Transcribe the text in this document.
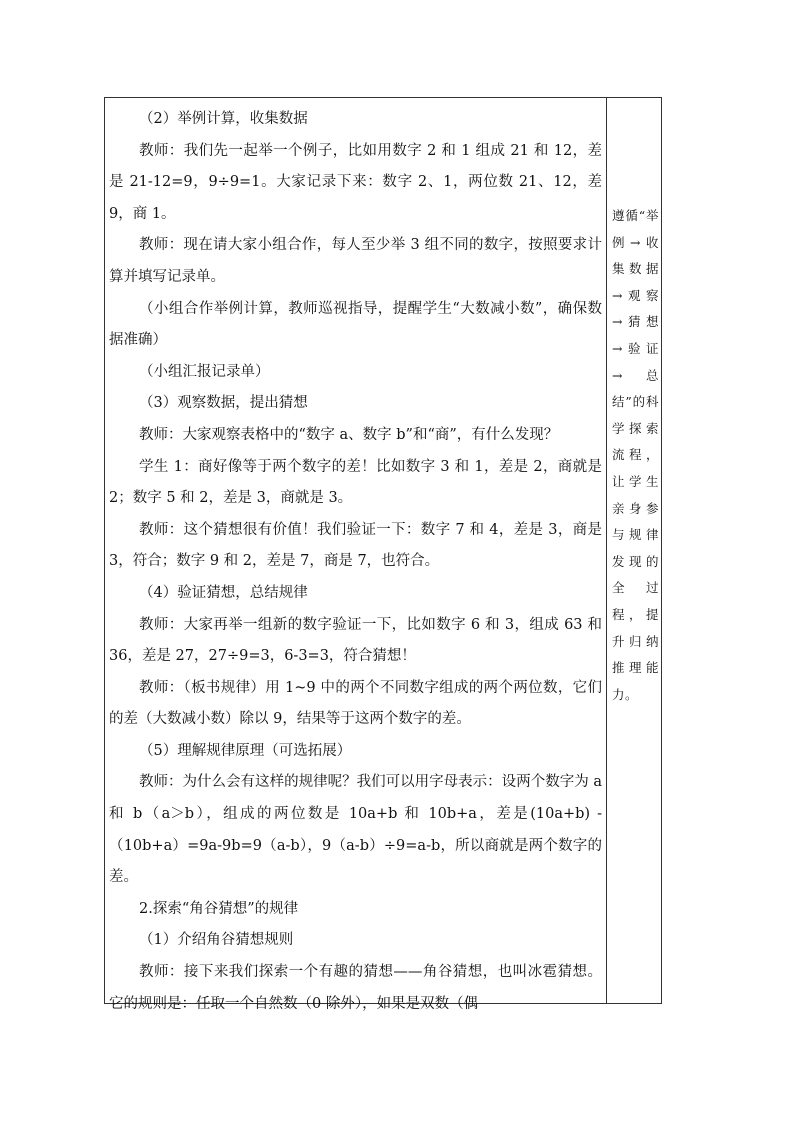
（2）举例计算，收集数据

教师：我们先一起举一个例子，比如用数字 2 和 1 组成 21 和 12，差是 21-12=9，9÷9=1。大家记录下来：数字 2、1，两位数 21、12，差 9，商 1。

教师：现在请大家小组合作，每人至少举 3 组不同的数字，按照要求计算并填写记录单。

（小组合作举例计算，教师巡视指导，提醒学生“大数减小数”，确保数据准确）

（小组汇报记录单）

（3）观察数据，提出猜想

教师：大家观察表格中的“数字 a、数字 b”和“商”，有什么发现？

学生 1：商好像等于两个数字的差！比如数字 3 和 1，差是 2，商就是 2；数字 5 和 2，差是 3，商就是 3。

教师：这个猜想很有价值！我们验证一下：数字 7 和 4，差是 3，商是 3，符合；数字 9 和 2，差是 7，商是 7，也符合。

（4）验证猜想，总结规律

教师：大家再举一组新的数字验证一下，比如数字 6 和 3，组成 63 和 36，差是 27，27÷9=3，6-3=3，符合猜想！

教师：（板书规律）用 1~9 中的两个不同数字组成的两个两位数，它们的差（大数减小数）除以 9，结果等于这两个数字的差。

（5）理解规律原理（可选拓展）

教师：为什么会有这样的规律呢？我们可以用字母表示：设两个数字为 a 和 b（a＞b），组成的两位数是 10a+b 和 10b+a，差是(10a+b) -（10b+a）=9a-9b=9（a-b），9（a-b）÷9=a-b，所以商就是两个数字的差。

2.探索“角谷猜想”的规律

（1）介绍角谷猜想规则

教师：接下来我们探索一个有趣的猜想——角谷猜想，也叫冰雹猜想。它的规则是：任取一个自然数（0 除外），如果是双数（偶

遵循“举例→收集数据→观察→猜想→验证→总结”的科学探索流程，让学生亲身参与规律发现的全过程，提升归纳推理能力。
